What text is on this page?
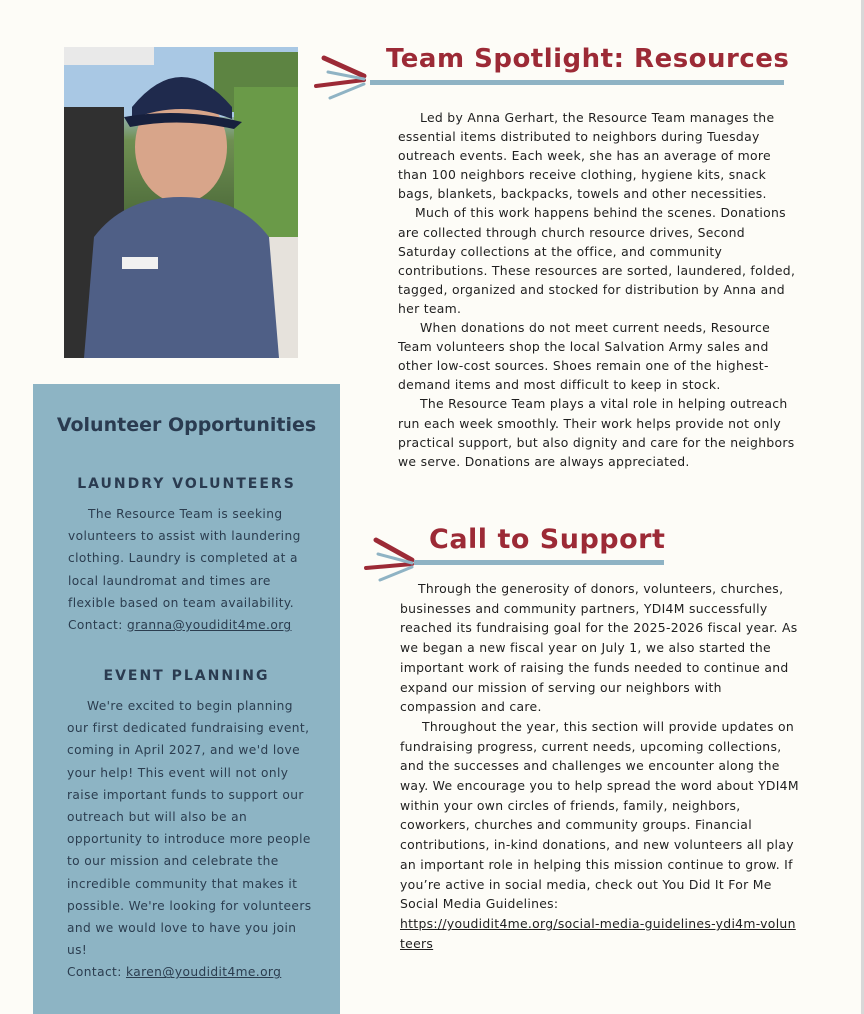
Team Spotlight: Resources

Led by Anna Gerhart, the Resource Team manages the essential items distributed to neighbors during Tuesday outreach events. Each week, she has an average of more than 100 neighbors receive clothing, hygiene kits, snack bags, blankets, backpacks, towels and other necessities.

Much of this work happens behind the scenes. Donations are collected through church resource drives, Second Saturday collections at the office, and community contributions. These resources are sorted, laundered, folded, tagged, organized and stocked for distribution by Anna and her team.

When donations do not meet current needs, Resource Team volunteers shop the local Salvation Army sales and other low-cost sources. Shoes remain one of the highest-demand items and most difficult to keep in stock.

The Resource Team plays a vital role in helping outreach run each week smoothly. Their work helps provide not only practical support, but also dignity and care for the neighbors we serve. Donations are always appreciated.

Volunteer Opportunities
LAUNDRY VOLUNTEERS

The Resource Team is seeking volunteers to assist with laundering clothing. Laundry is completed at a local laundromat and times are flexible based on team availability.

Contact: granna@youdidit4me.org

EVENT PLANNING

We're excited to begin planning our first dedicated fundraising event, coming in April 2027, and we'd love your help! This event will not only raise important funds to support our outreach but will also be an opportunity to introduce more people to our mission and celebrate the incredible community that makes it possible. We're looking for volunteers and we would love to have you join us!

Contact: karen@youdidit4me.org

Call to Support

Through the generosity of donors, volunteers, churches, businesses and community partners, YDI4M successfully reached its fundraising goal for the 2025-2026 fiscal year. As we began a new fiscal year on July 1, we also started the important work of raising the funds needed to continue and expand our mission of serving our neighbors with compassion and care.

Throughout the year, this section will provide updates on fundraising progress, current needs, upcoming collections, and the successes and challenges we encounter along the way. We encourage you to help spread the word about YDI4M within your own circles of friends, family, neighbors, coworkers, churches and community groups. Financial contributions, in-kind donations, and new volunteers all play an important role in helping this mission continue to grow. If you’re active in social media, check out You Did It For Me Social Media Guidelines:

https://youdidit4me.org/social-media-guidelines-ydi4m-volunteers
